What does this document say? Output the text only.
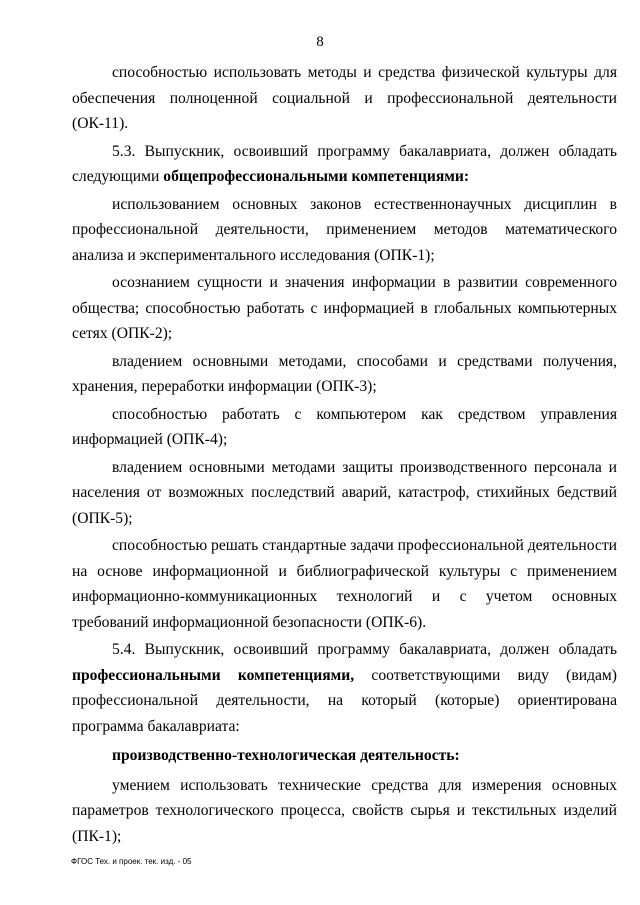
8

способностью использовать методы и средства физической культуры для обеспечения полноценной социальной и профессиональной деятельности (ОК-11).

5.3. Выпускник, освоивший программу бакалавриата, должен обладать следующими общепрофессиональными компетенциями:

использованием основных законов естественнонаучных дисциплин в профессиональной деятельности, применением методов математического анализа и экспериментального исследования (ОПК-1);

осознанием сущности и значения информации в развитии современного общества; способностью работать с информацией в глобальных компьютерных сетях (ОПК-2);

владением основными методами, способами и средствами получения, хранения, переработки информации (ОПК-3);

способностью работать с компьютером как средством управления информацией (ОПК-4);

владением основными методами защиты производственного персонала и населения от возможных последствий аварий, катастроф, стихийных бедствий (ОПК-5);

способностью решать стандартные задачи профессиональной деятельности на основе информационной и библиографической культуры с применением информационно-коммуникационных технологий и с учетом основных требований информационной безопасности (ОПК-6).

5.4. Выпускник, освоивший программу бакалавриата, должен обладать профессиональными компетенциями, соответствующими виду (видам) профессиональной деятельности, на который (которые) ориентирована программа бакалавриата:

производственно-технологическая деятельность:

умением использовать технические средства для измерения основных параметров технологического процесса, свойств сырья и текстильных изделий (ПК-1);

ФГОС Тех. и проек. тек. изд. - 05
